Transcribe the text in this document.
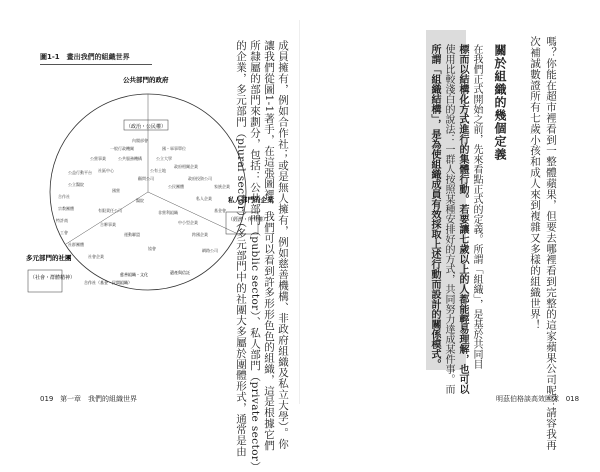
圖1-1　畫出我們的組織世界
公共部門的政府
（政治・公民權）
私人部門的企業
（經濟・所有權）
多元部門的社團
（社會・群體精神）
內閣部會
一般行政機關	國・軍事單位
公營事業	公共服務機構	公立大學
公益行動平台 社區中心	公有土地
政府相關企業
公立醫院
顧問公司	政府投資公司
合作社
國營
公民團體	家族企業
宗教團體
醫院	私人企業
特許商
有限責任公司	非營利組織	基金會
工會
合夥事業	中小型企業
社群團體
運動聯盟	跨國企業
社會企業
協會	網路公司
合作社（基金・民間組織）
慈善組織・文化	遺產與信託	讓我們從圖1-1著手，在這張圖裡，我們可以看到許多形形色色的組織，這是根據它們
所隸屬的部門來劃分，包括：公共部門（public sector）、私人部門（private sector）
的企業，多元部門（plural sector）（多元部門中的社團大多屬於團體形式，通常是由	成員擁有，例如合作社；或是無人擁有，例如慈善機構、非政府組織及私立大學）。你
019 第一章　我們的組織世界	嗎？你能在超市裡看到一整體蘋果，但要去哪裡看到完整的這家蘋果公司呢？請容我再
次補誠數證所有七歲小孩和成人來到複雜又多樣的組織世界！
明茲伯格談高效團隊 018
關於組織的幾個定義
在我們正式開始之前，先來看點正式的定義。所謂「組織」，是基於共同目
標而以結構化方式進行的集體行動。若要讓七歲以上的人都能輕易理解，也可以
使用比較淺白的說法：一群人按照某種安排好的方式，共同努力達成某件事。而
所謂「組織結構」，是為使組織成員有效採取上述行動而設計的關係模式。
